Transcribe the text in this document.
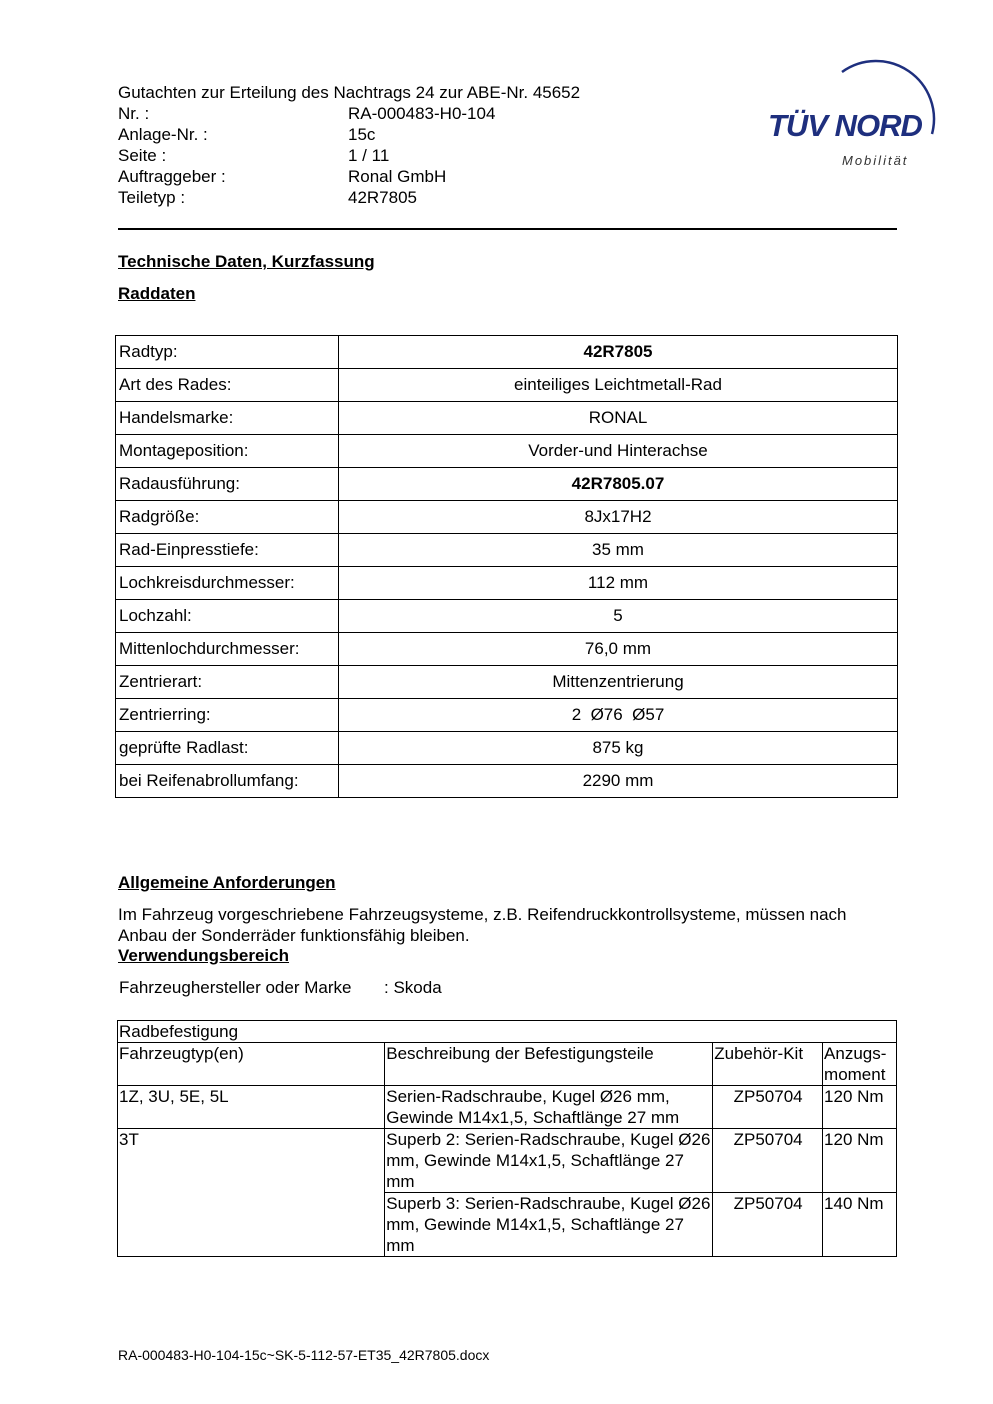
Gutachten zur Erteilung des Nachtrags 24 zur ABE-Nr. 45652
Nr. :	RA-000483-H0-104
Anlage-Nr. :	15c
Seite :	1 / 11
Auftraggeber :	Ronal GmbH
Teiletyp :	42R7805
TÜV NORD
Mobilität
Technische Daten, Kurzfassung
Raddaten
Radtyp:	42R7805
Art des Rades:	einteiliges Leichtmetall-Rad
Handelsmarke:	RONAL
Montageposition:	Vorder-und Hinterachse
Radausführung:	42R7805.07
Radgröße:	8Jx17H2
Rad-Einpresstiefe:	35 mm
Lochkreisdurchmesser:	112 mm
Lochzahl:	5
Mittenlochdurchmesser:	76,0 mm
Zentrierart:	Mittenzentrierung
Zentrierring:	2  Ø76  Ø57
geprüfte Radlast:	875 kg
bei Reifenabrollumfang:	2290 mm
Allgemeine Anforderungen
Im Fahrzeug vorgeschriebene Fahrzeugsysteme, z.B. Reifendruckkontrollsysteme, müssen nach Anbau der Sonderräder funktionsfähig bleiben.
Verwendungsbereich
Fahrzeughersteller oder Marke	: Skoda
Radbefestigung			
Fahrzeugtyp(en)	Beschreibung der Befestigungsteile	Zubehör-Kit	Anzugs- moment
1Z, 3U, 5E, 5L	Serien-Radschraube, Kugel Ø26 mm, Gewinde M14x1,5, Schaftlänge 27 mm	ZP50704	120 Nm
3T	Superb 2: Serien-Radschraube, Kugel Ø26 mm, Gewinde M14x1,5, Schaftlänge 27 mm	ZP50704	120 Nm
	Superb 3: Serien-Radschraube, Kugel Ø26 mm, Gewinde M14x1,5, Schaftlänge 27 mm	ZP50704	140 Nm
RA-000483-H0-104-15c~SK-5-112-57-ET35_42R7805.docx
